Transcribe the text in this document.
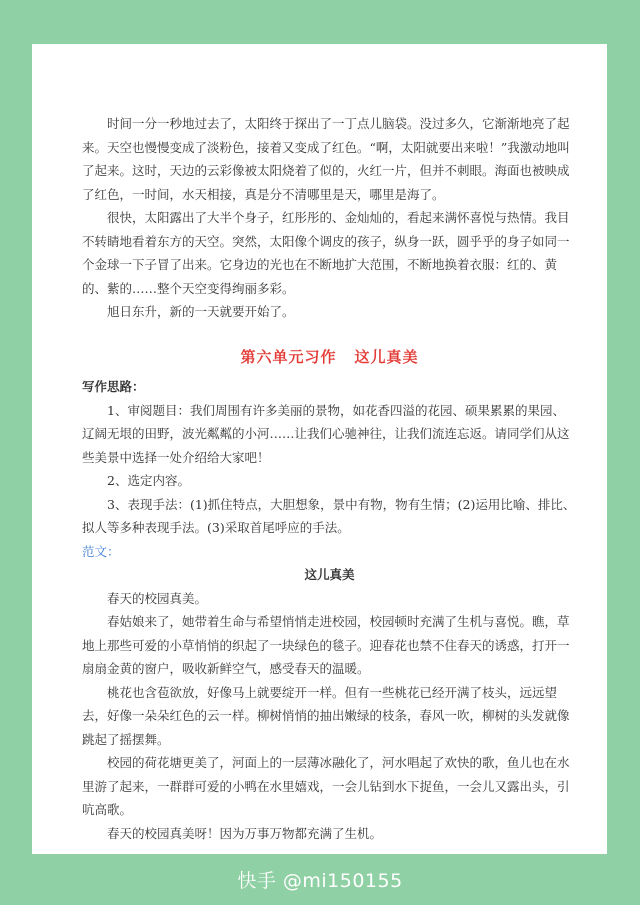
时间一分一秒地过去了，太阳终于探出了一丁点儿脑袋。没过多久，它渐渐地亮了起来。天空也慢慢变成了淡粉色，接着又变成了红色。“啊，太阳就要出来啦！”我激动地叫了起来。这时，天边的云彩像被太阳烧着了似的，火红一片，但并不刺眼。海面也被映成了红色，一时间，水天相接，真是分不清哪里是天，哪里是海了。

很快，太阳露出了大半个身子，红彤彤的、金灿灿的，看起来满怀喜悦与热情。我目不转睛地看着东方的天空。突然，太阳像个调皮的孩子，纵身一跃，圆乎乎的身子如同一个金球一下子冒了出来。它身边的光也在不断地扩大范围，不断地换着衣服：红的、黄的、紫的……整个天空变得绚丽多彩。

旭日东升，新的一天就要开始了。

第六单元习作 这儿真美

写作思路：

1、审阅题目：我们周围有许多美丽的景物，如花香四溢的花园、硕果累累的果园、辽阔无垠的田野，波光粼粼的小河……让我们心驰神往，让我们流连忘返。请同学们从这些美景中选择一处介绍给大家吧！

2、选定内容。

3、表现手法：(1)抓住特点，大胆想象，景中有物，物有生情；(2)运用比喻、排比、拟人等多种表现手法。(3)采取首尾呼应的手法。

范文：

这儿真美

春天的校园真美。

春姑娘来了，她带着生命与希望悄悄走进校园，校园顿时充满了生机与喜悦。瞧，草地上那些可爱的小草悄悄的织起了一块绿色的毯子。迎春花也禁不住春天的诱惑，打开一扇扇金黄的窗户，吸收新鲜空气，感受春天的温暖。

桃花也含苞欲放，好像马上就要绽开一样。但有一些桃花已经开满了枝头，远远望去，好像一朵朵红色的云一样。柳树悄悄的抽出嫩绿的枝条，春风一吹，柳树的头发就像跳起了摇摆舞。

校园的荷花塘更美了，河面上的一层薄冰融化了，河水唱起了欢快的歌，鱼儿也在水里游了起来，一群群可爱的小鸭在水里嬉戏，一会儿钻到水下捉鱼，一会儿又露出头，引吭高歌。

春天的校园真美呀！因为万事万物都充满了生机。

快手 @mi150155
